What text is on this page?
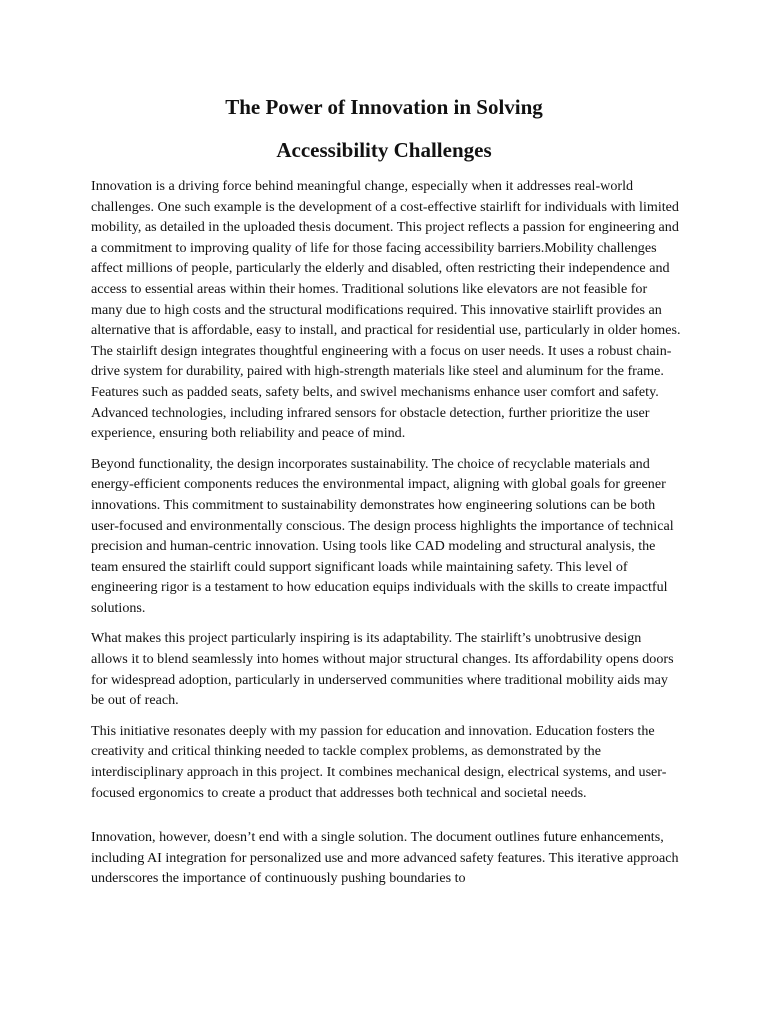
The Power of Innovation in Solving
Accessibility Challenges

Innovation is a driving force behind meaningful change, especially when it addresses real-world challenges. One such example is the development of a cost-effective stairlift for individuals with limited mobility, as detailed in the uploaded thesis document. This project reflects a passion for engineering and a commitment to improving quality of life for those facing accessibility barriers.Mobility challenges affect millions of people, particularly the elderly and disabled, often restricting their independence and access to essential areas within their homes. Traditional solutions like elevators are not feasible for many due to high costs and the structural modifications required. This innovative stairlift provides an alternative that is affordable, easy to install, and practical for residential use, particularly in older homes. The stairlift design integrates thoughtful engineering with a focus on user needs. It uses a robust chain-drive system for durability, paired with high-strength materials like steel and aluminum for the frame. Features such as padded seats, safety belts, and swivel mechanisms enhance user comfort and safety. Advanced technologies, including infrared sensors for obstacle detection, further prioritize the user experience, ensuring both reliability and peace of mind.

Beyond functionality, the design incorporates sustainability. The choice of recyclable materials and energy-efficient components reduces the environmental impact, aligning with global goals for greener innovations. This commitment to sustainability demonstrates how engineering solutions can be both user-focused and environmentally conscious. The design process highlights the importance of technical precision and human-centric innovation. Using tools like CAD modeling and structural analysis, the team ensured the stairlift could support significant loads while maintaining safety. This level of engineering rigor is a testament to how education equips individuals with the skills to create impactful solutions.

What makes this project particularly inspiring is its adaptability. The stairlift’s unobtrusive design allows it to blend seamlessly into homes without major structural changes. Its affordability opens doors for widespread adoption, particularly in underserved communities where traditional mobility aids may be out of reach.

This initiative resonates deeply with my passion for education and innovation. Education fosters the creativity and critical thinking needed to tackle complex problems, as demonstrated by the interdisciplinary approach in this project. It combines mechanical design, electrical systems, and user-focused ergonomics to create a product that addresses both technical and societal needs.

Innovation, however, doesn’t end with a single solution. The document outlines future enhancements, including AI integration for personalized use and more advanced safety features. This iterative approach underscores the importance of continuously pushing boundaries to
